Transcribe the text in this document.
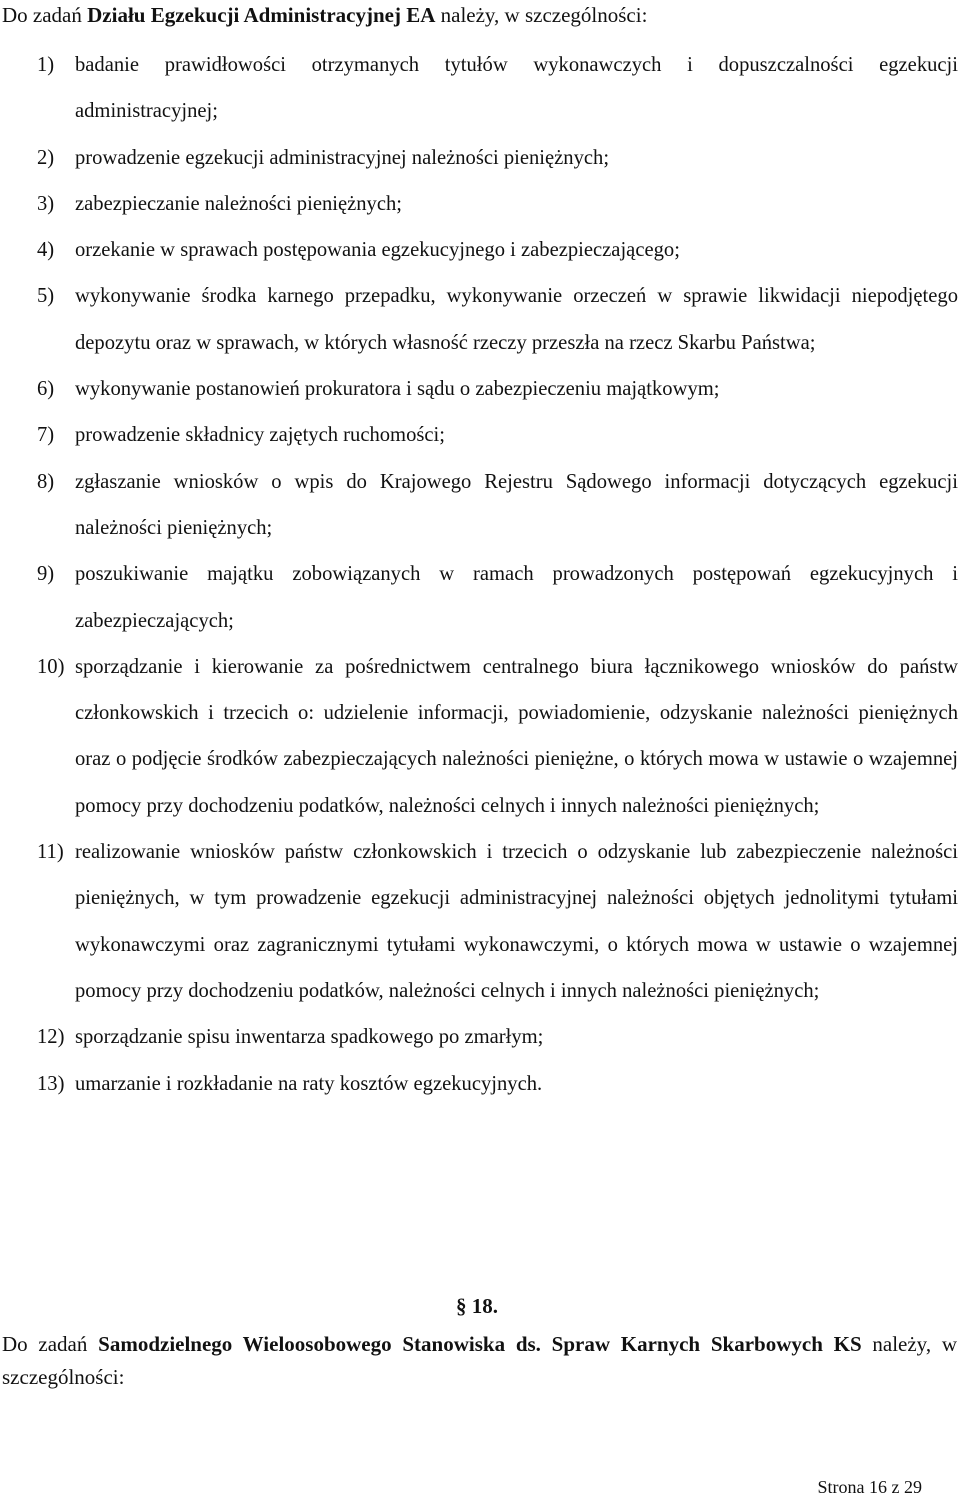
Do zadań Działu Egzekucji Administracyjnej EA należy, w szczególności:
1) badanie prawidłowości otrzymanych tytułów wykonawczych i dopuszczalności egzekucji administracyjnej;
2) prowadzenie egzekucji administracyjnej należności pieniężnych;
3) zabezpieczanie należności pieniężnych;
4) orzekanie w sprawach postępowania egzekucyjnego i zabezpieczającego;
5) wykonywanie środka karnego przepadku, wykonywanie orzeczeń w sprawie likwidacji niepodjętego depozytu oraz w sprawach, w których własność rzeczy przeszła na rzecz Skarbu Państwa;
6) wykonywanie postanowień prokuratora i sądu o zabezpieczeniu majątkowym;
7) prowadzenie składnicy zajętych ruchomości;
8) zgłaszanie wniosków o wpis do Krajowego Rejestru Sądowego informacji dotyczących egzekucji należności pieniężnych;
9) poszukiwanie majątku zobowiązanych w ramach prowadzonych postępowań egzekucyjnych i zabezpieczających;
10) sporządzanie i kierowanie za pośrednictwem centralnego biura łącznikowego wniosków do państw członkowskich i trzecich o: udzielenie informacji, powiadomienie, odzyskanie należności pieniężnych oraz o podjęcie środków zabezpieczających należności pieniężne, o których mowa w ustawie o wzajemnej pomocy przy dochodzeniu podatków, należności celnych i innych należności pieniężnych;
11) realizowanie wniosków państw członkowskich i trzecich o odzyskanie lub zabezpieczenie należności pieniężnych, w tym prowadzenie egzekucji administracyjnej należności objętych jednolitymi tytułami wykonawczymi oraz zagranicznymi tytułami wykonawczymi, o których mowa w ustawie o wzajemnej pomocy przy dochodzeniu podatków, należności celnych i innych należności pieniężnych;
12) sporządzanie spisu inwentarza spadkowego po zmarłym;
13) umarzanie i rozkładanie na raty kosztów egzekucyjnych.
§ 18.
Do zadań Samodzielnego Wieloosobowego Stanowiska ds. Spraw Karnych Skarbowych KS należy, w szczególności:
Strona 16 z 29
